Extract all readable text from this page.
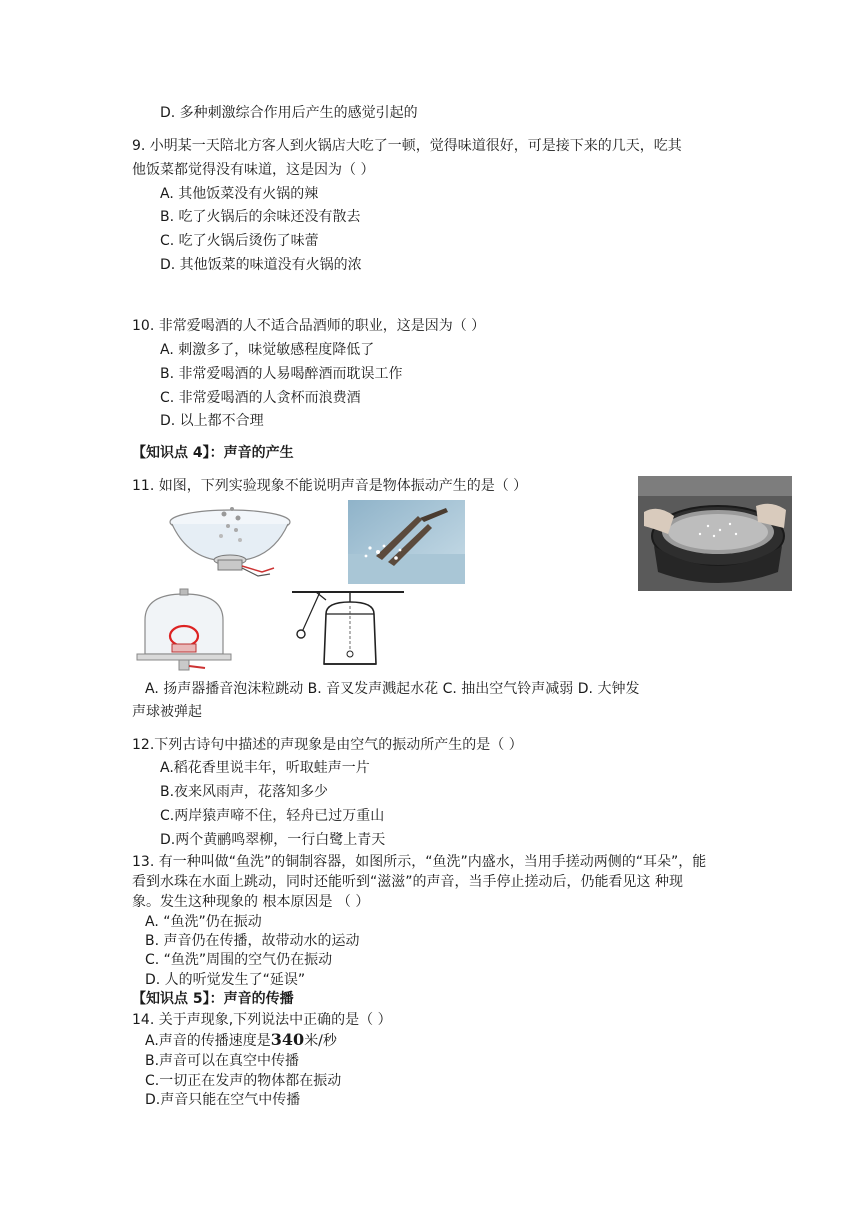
D. 多种刺激综合作用后产生的感觉引起的
9. 小明某一天陪北方客人到火锅店大吃了一顿，觉得味道很好，可是接下来的几天，吃其
他饭菜都觉得没有味道，这是因为（ ）
A. 其他饭菜没有火锅的辣
B. 吃了火锅后的余味还没有散去
C. 吃了火锅后烫伤了味蕾
D. 其他饭菜的味道没有火锅的浓
10. 非常爱喝酒的人不适合品酒师的职业，这是因为（ ）
A. 刺激多了，味觉敏感程度降低了
B. 非常爱喝酒的人易喝醉酒而耽误工作
C. 非常爱喝酒的人贪杯而浪费酒
D. 以上都不合理
【知识点 4】：声音的产生
11. 如图，下列实验现象不能说明声音是物体振动产生的是（ ）
A. 扬声器播音泡沫粒跳动 B. 音叉发声溅起水花 C. 抽出空气铃声减弱 D. 大钟发
声球被弹起
12.下列古诗句中描述的声现象是由空气的振动所产生的是（ ）
A.稻花香里说丰年，听取蛙声一片
B.夜来风雨声，花落知多少
C.两岸猿声啼不住，轻舟已过万重山
D.两个黄鹂鸣翠柳，一行白鹭上青天
13. 有一种叫做“鱼洗”的铜制容器，如图所示，“鱼洗”内盛水，当用手搓动两侧的“耳朵”，能
看到水珠在水面上跳动，同时还能听到“滋滋”的声音，当手停止搓动后，仍能看见这 种现
象。发生这种现象的 根本原因是 （ ）
A. “鱼洗”仍在振动
B. 声音仍在传播，故带动水的运动
C. “鱼洗”周围的空气仍在振动
D. 人的听觉发生了“延误”
【知识点 5】：声音的传播
14. 关于声现象,下列说法中正确的是（ ）
A.声音的传播速度是340米/秒
B.声音可以在真空中传播
C.一切正在发声的物体都在振动
D.声音只能在空气中传播
